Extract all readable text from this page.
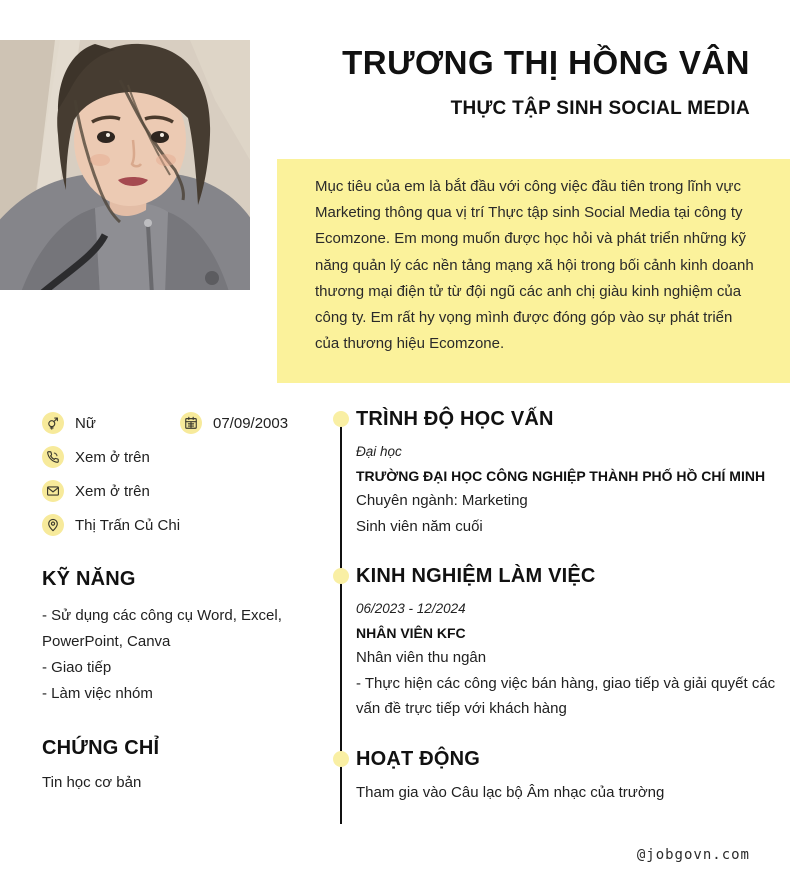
TRƯƠNG THỊ HỒNG VÂN
THỰC TẬP SINH SOCIAL MEDIA
Mục tiêu của em là bắt đầu với công việc đầu tiên trong lĩnh vực Marketing thông qua vị trí Thực tập sinh Social Media tại công ty Ecomzone. Em mong muốn được học hỏi và phát triển những kỹ năng quản lý các nền tảng mạng xã hội trong bối cảnh kinh doanh thương mại điện tử từ đội ngũ các anh chị giàu kinh nghiệm của công ty. Em rất hy vọng mình được đóng góp vào sự phát triển của thương hiệu Ecomzone.
Nữ	07/09/2003
Xem ở trên
Xem ở trên
Thị Trấn Củ Chi
KỸ NĂNG
- Sử dụng các công cụ Word, Excel, PowerPoint, Canva
- Giao tiếp
- Làm việc nhóm
CHỨNG CHỈ
Tin học cơ bản
TRÌNH ĐỘ HỌC VẤN
Đại học
TRƯỜNG ĐẠI HỌC CÔNG NGHIỆP THÀNH PHỐ HỒ CHÍ MINH
Chuyên ngành: Marketing
Sinh viên năm cuối
KINH NGHIỆM LÀM VIỆC
06/2023 - 12/2024
NHÂN VIÊN KFC
Nhân viên thu ngân
- Thực hiện các công việc bán hàng, giao tiếp và giải quyết các vấn đề trực tiếp với khách hàng
HOẠT ĐỘNG
Tham gia vào Câu lạc bộ Âm nhạc của trường
@jobgovn.com
